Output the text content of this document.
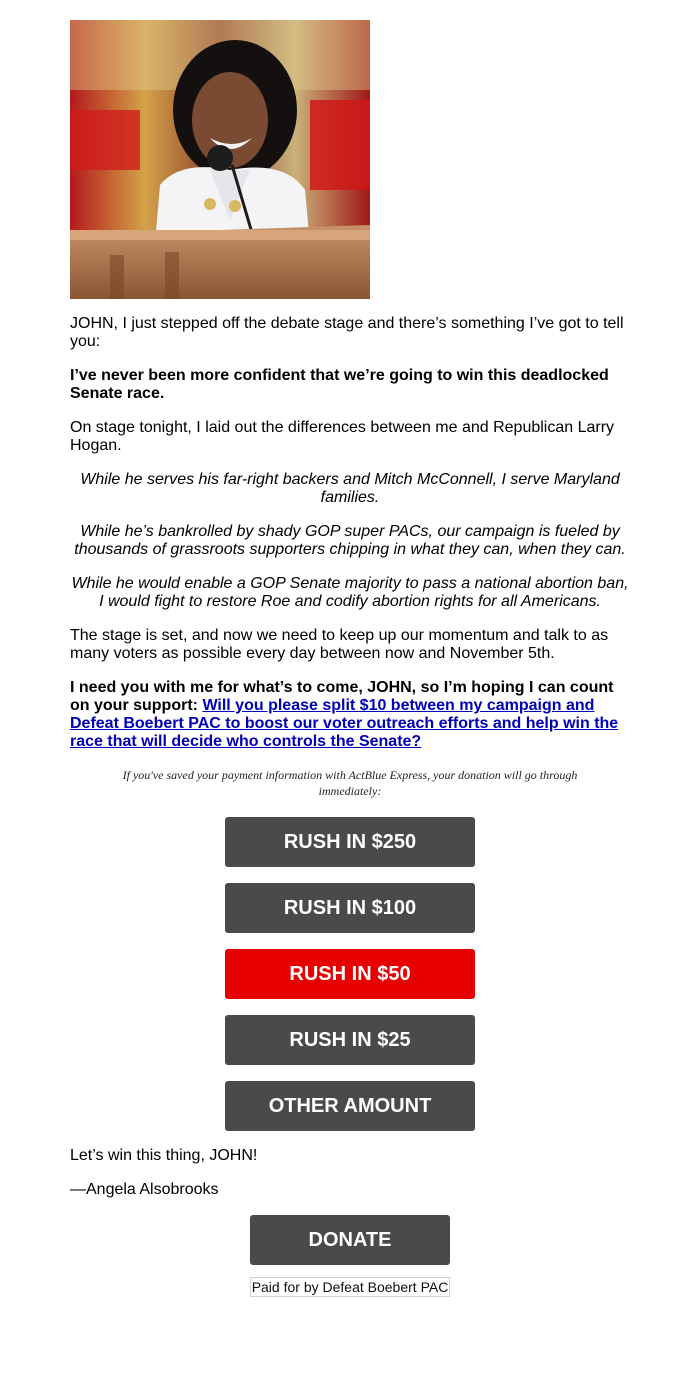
JOHN, I just stepped off the debate stage and there’s something I’ve got to tell you:

I’ve never been more confident that we’re going to win this deadlocked Senate race.

On stage tonight, I laid out the differences between me and Republican Larry Hogan.

While he serves his far-right backers and Mitch McConnell, I serve Maryland families.

While he’s bankrolled by shady GOP super PACs, our campaign is fueled by thousands of grassroots supporters chipping in what they can, when they can.

While he would enable a GOP Senate majority to pass a national abortion ban, I would fight to restore Roe and codify abortion rights for all Americans.

The stage is set, and now we need to keep up our momentum and talk to as many voters as possible every day between now and November 5th.

I need you with me for what’s to come, JOHN, so I’m hoping I can count on your support: Will you please split $10 between my campaign and Defeat Boebert PAC to boost our voter outreach efforts and help win the race that will decide who controls the Senate?

If you've saved your payment information with ActBlue Express, your donation will go through immediately:
RUSH IN $250
RUSH IN $100
RUSH IN $50
RUSH IN $25
OTHER AMOUNT

Let’s win this thing, JOHN!

—Angela Alsobrooks

DONATE
Paid for by Defeat Boebert PAC
